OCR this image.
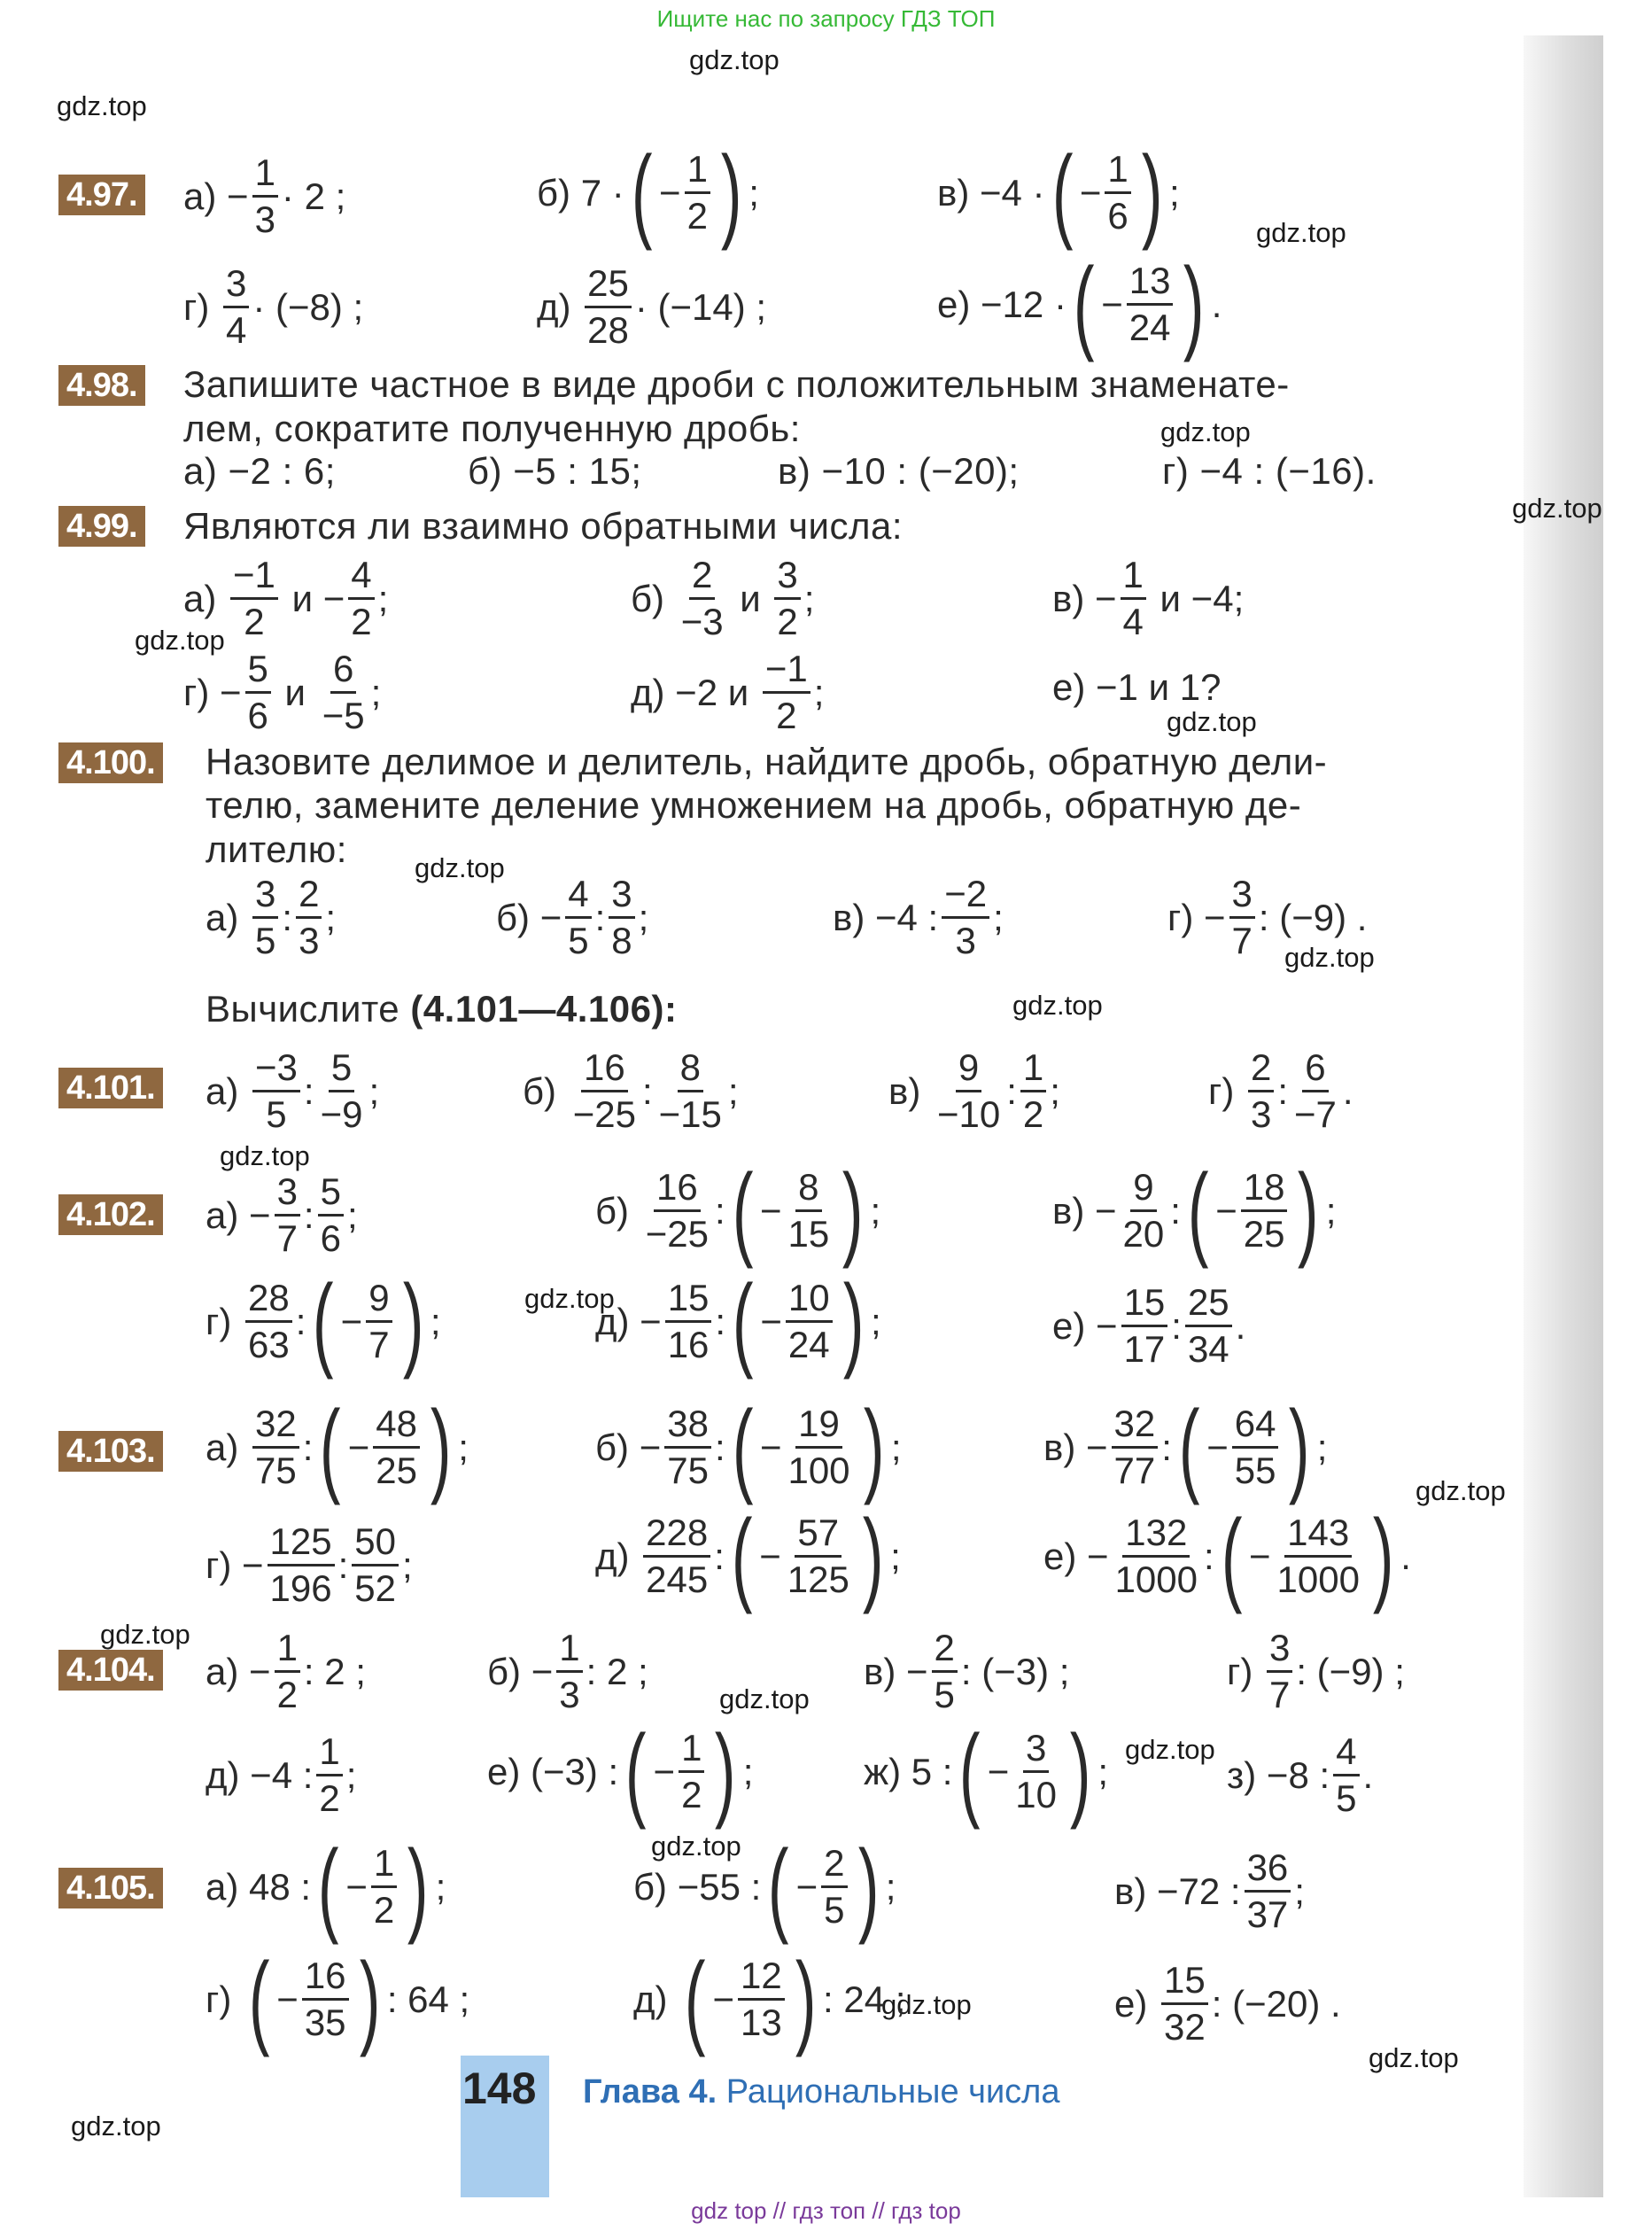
Ищите нас по запросу ГДЗ ТОП
gdz.top
gdz.top
gdz.top
gdz.top
gdz.top
gdz.top
gdz.top
gdz.top
gdz.top
gdz.top
gdz.top
gdz.top
gdz.top
gdz.top
gdz.top
gdz.top
gdz.top
gdz.top
gdz.top
gdz.top
4.97. а)
− $\frac{1}{3} \cdot 2$ ;	б)
7 · ( − $\frac{1}{2}$ ) ;	в)
−4 · ( − $\frac{1}{6}$ ) ;
г)
$\frac{3}{4} \cdot (-8)$ ;	д)
$\frac{25}{28} \cdot (-14)$ ;	е)
−12 · ( − $\frac{13}{24}$ ) .
4.98. Запишите частное в виде дроби с положительным знаменате-
лем, сократите полученную дробь:
а) −2 : 6;	б) −5 : 15;	в) −10 : (−20);	г) −4 : (−16).
4.99. Являются ли взаимно обратными числа:
а)
$\frac{-1}{2}$
и
− $\frac{4}{2}$ ;	б)
$\frac{2}{-3}$
и
$\frac{3}{2}$ ;	в)
− $\frac{1}{4}$
и −4;
г)
− $\frac{5}{6}$
и
$\frac{6}{-5}$ ;	д)
−2 и
$\frac{-1}{2}$ ;	е)
−1 и 1?
4.100. Назовите делимое и делитель, найдите дробь, обратную дели-
телю, замените деление умножением на дробь, обратную де-
лителю:
а)
$\frac{3}{5}$ : $\frac{2}{3}$ ;	$б) - \frac{4}{5}$ : $\frac{3}{8}$ ;	в)
−4 : $\frac{-2}{3}$ ;	$г) - \frac{3}{7}$ : (−9) .
Вычислите (4.101—4.106):
4.101. а)
$\frac{-3}{5}$ : $\frac{5}{-9}$ ;	б)
$\frac{16}{-25}$ : $\frac{8}{-15}$ ;	в)
$\frac{9}{-10}$ : $\frac{1}{2}$ ;	г)
$\frac{2}{3}$ : $\frac{6}{-7}$ .
4.102. $а) - \frac{3}{7}$ : $\frac{5}{6}$ ;	б)
$\frac{16}{-25}$ : ( − $\frac{8}{15}$ ) ;	$в) - \frac{9}{20}$ : ( − $\frac{18}{25}$ ) ;
г)
$\frac{28}{63}$ : ( − $\frac{9}{7}$ ) ;	$д) - \frac{15}{16}$ : ( − $\frac{10}{24}$ ) ;	$е) - \frac{15}{17}$ : $\frac{25}{34}$ .
4.103. а)
$\frac{32}{75}$ : ( − $\frac{48}{25}$ ) ;	$б) - \frac{38}{75}$ : ( − $\frac{19}{100}$ ) ;	$в) - \frac{32}{77}$ : ( − $\frac{64}{55}$ ) ;
$г) - \frac{125}{196}$ : $\frac{50}{52}$ ;	д)
$\frac{228}{245}$ : ( − $\frac{57}{125}$ ) ;	$е) - \frac{132}{1000}$ : ( − $\frac{143}{1000}$ ) .
4.104. $а) - \frac{1}{2}$ : 2 ;	$б) - \frac{1}{3}$ : 2 ;	$в) - \frac{2}{5}$ : (−3) ;	г)
$\frac{3}{7}$ : (−9) ;
д)
−4 : $\frac{1}{2}$ ;	е)
(−3) : ( − $\frac{1}{2}$ ) ;	ж)
5 : ( − $\frac{3}{10}$ ) ;	з)
−8 : $\frac{4}{5}$ .
4.105. а)
48 : ( − $\frac{1}{2}$ ) ;	б)
−55 : ( − $\frac{2}{5}$ ) ;	в)
−72 : $\frac{36}{37}$ ;
г)
( − $\frac{16}{35}$ ) : 64 ;	д)
( − $\frac{12}{13}$ ) : 24 ;	е)
$\frac{15}{32}$ : (−20) .
148 Глава 4. Рациональные числа
gdz top // гдз топ // гдз top
